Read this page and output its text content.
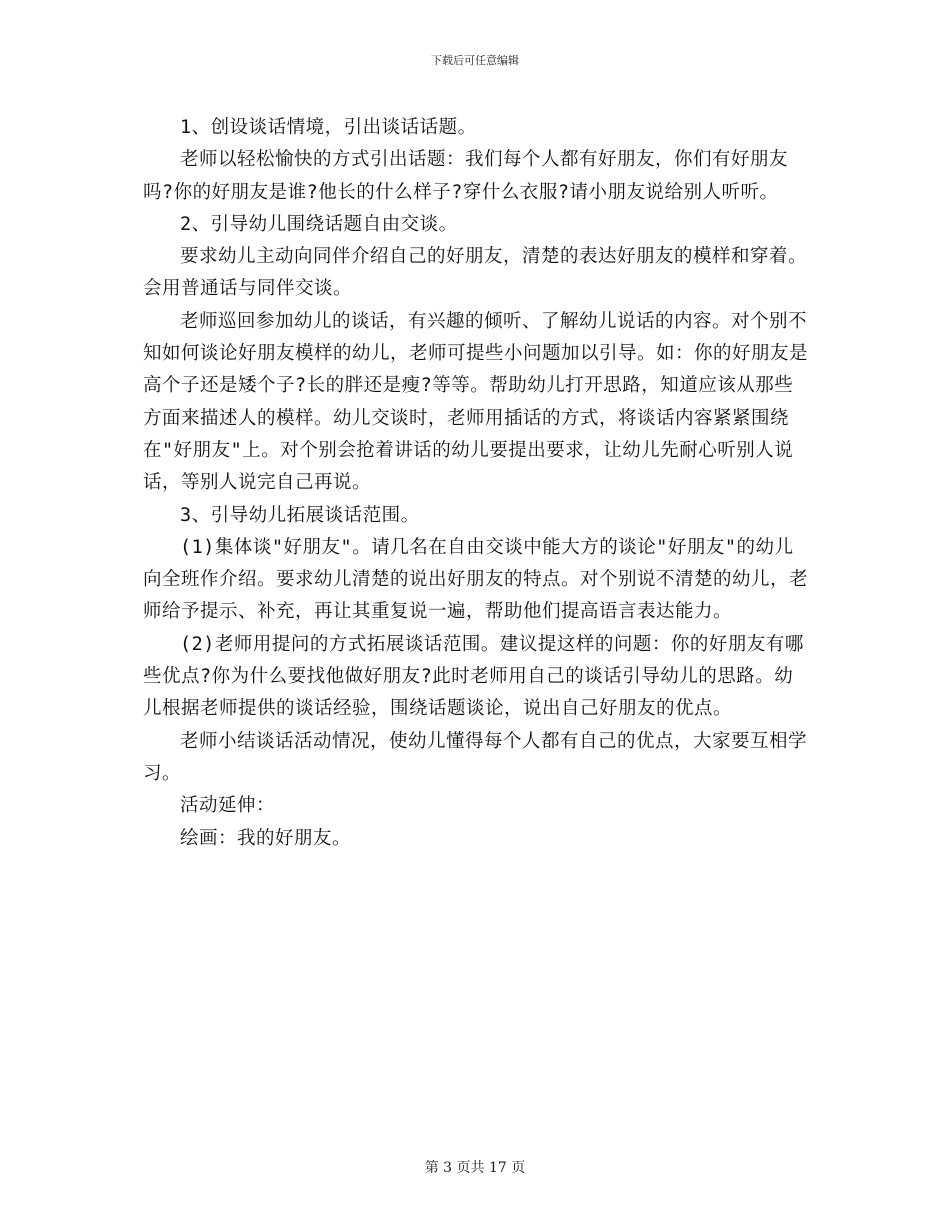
下载后可任意编辑

1、创设谈话情境，引出谈话话题。

老师以轻松愉快的方式引出话题：我们每个人都有好朋友，你们有好朋友吗?你的好朋友是谁?他长的什么样子?穿什么衣服?请小朋友说给别人听听。

2、引导幼儿围绕话题自由交谈。

要求幼儿主动向同伴介绍自己的好朋友，清楚的表达好朋友的模样和穿着。会用普通话与同伴交谈。

老师巡回参加幼儿的谈话，有兴趣的倾听、了解幼儿说话的内容。对个别不知如何谈论好朋友模样的幼儿，老师可提些小问题加以引导。如：你的好朋友是高个子还是矮个子?长的胖还是瘦?等等。帮助幼儿打开思路，知道应该从那些方面来描述人的模样。幼儿交谈时，老师用插话的方式，将谈话内容紧紧围绕在"好朋友"上。对个别会抢着讲话的幼儿要提出要求，让幼儿先耐心听别人说话，等别人说完自己再说。

3、引导幼儿拓展谈话范围。

(1)集体谈"好朋友"。请几名在自由交谈中能大方的谈论"好朋友"的幼儿向全班作介绍。要求幼儿清楚的说出好朋友的特点。对个别说不清楚的幼儿，老师给予提示、补充，再让其重复说一遍，帮助他们提高语言表达能力。

(2)老师用提问的方式拓展谈话范围。建议提这样的问题：你的好朋友有哪些优点?你为什么要找他做好朋友?此时老师用自己的谈话引导幼儿的思路。幼儿根据老师提供的谈话经验，围绕话题谈论，说出自己好朋友的优点。

老师小结谈话活动情况，使幼儿懂得每个人都有自己的优点，大家要互相学习。

活动延伸：

绘画：我的好朋友。

第 3 页共 17 页
